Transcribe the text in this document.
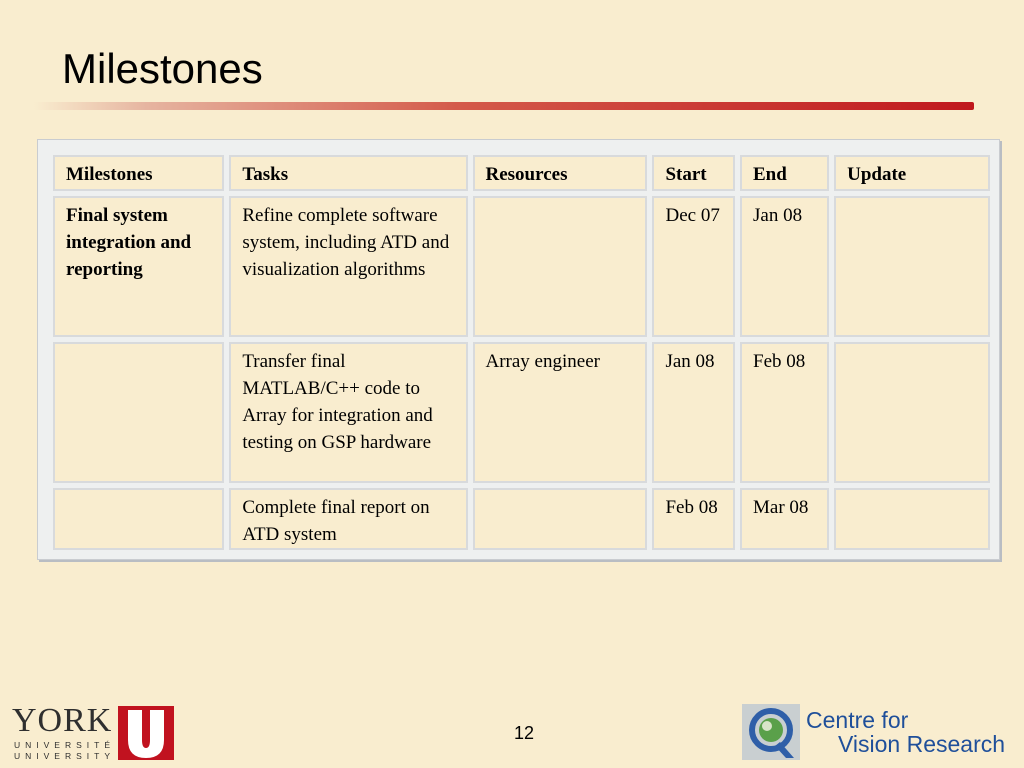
Milestones
Milestones	Tasks	Resources	Start	End	Update
Final system integration and reporting	Refine complete software system, including ATD and visualization algorithms		Dec 07	Jan 08	
	Transfer final MATLAB/C++ code to Array for integration and testing on GSP hardware	Array engineer	Jan 08	Feb 08	
	Complete final report on ATD system		Feb 08	Mar 08	
YORK
UNIVERSITÉ
UNIVERSITY
12	Centre for
Vision Research
